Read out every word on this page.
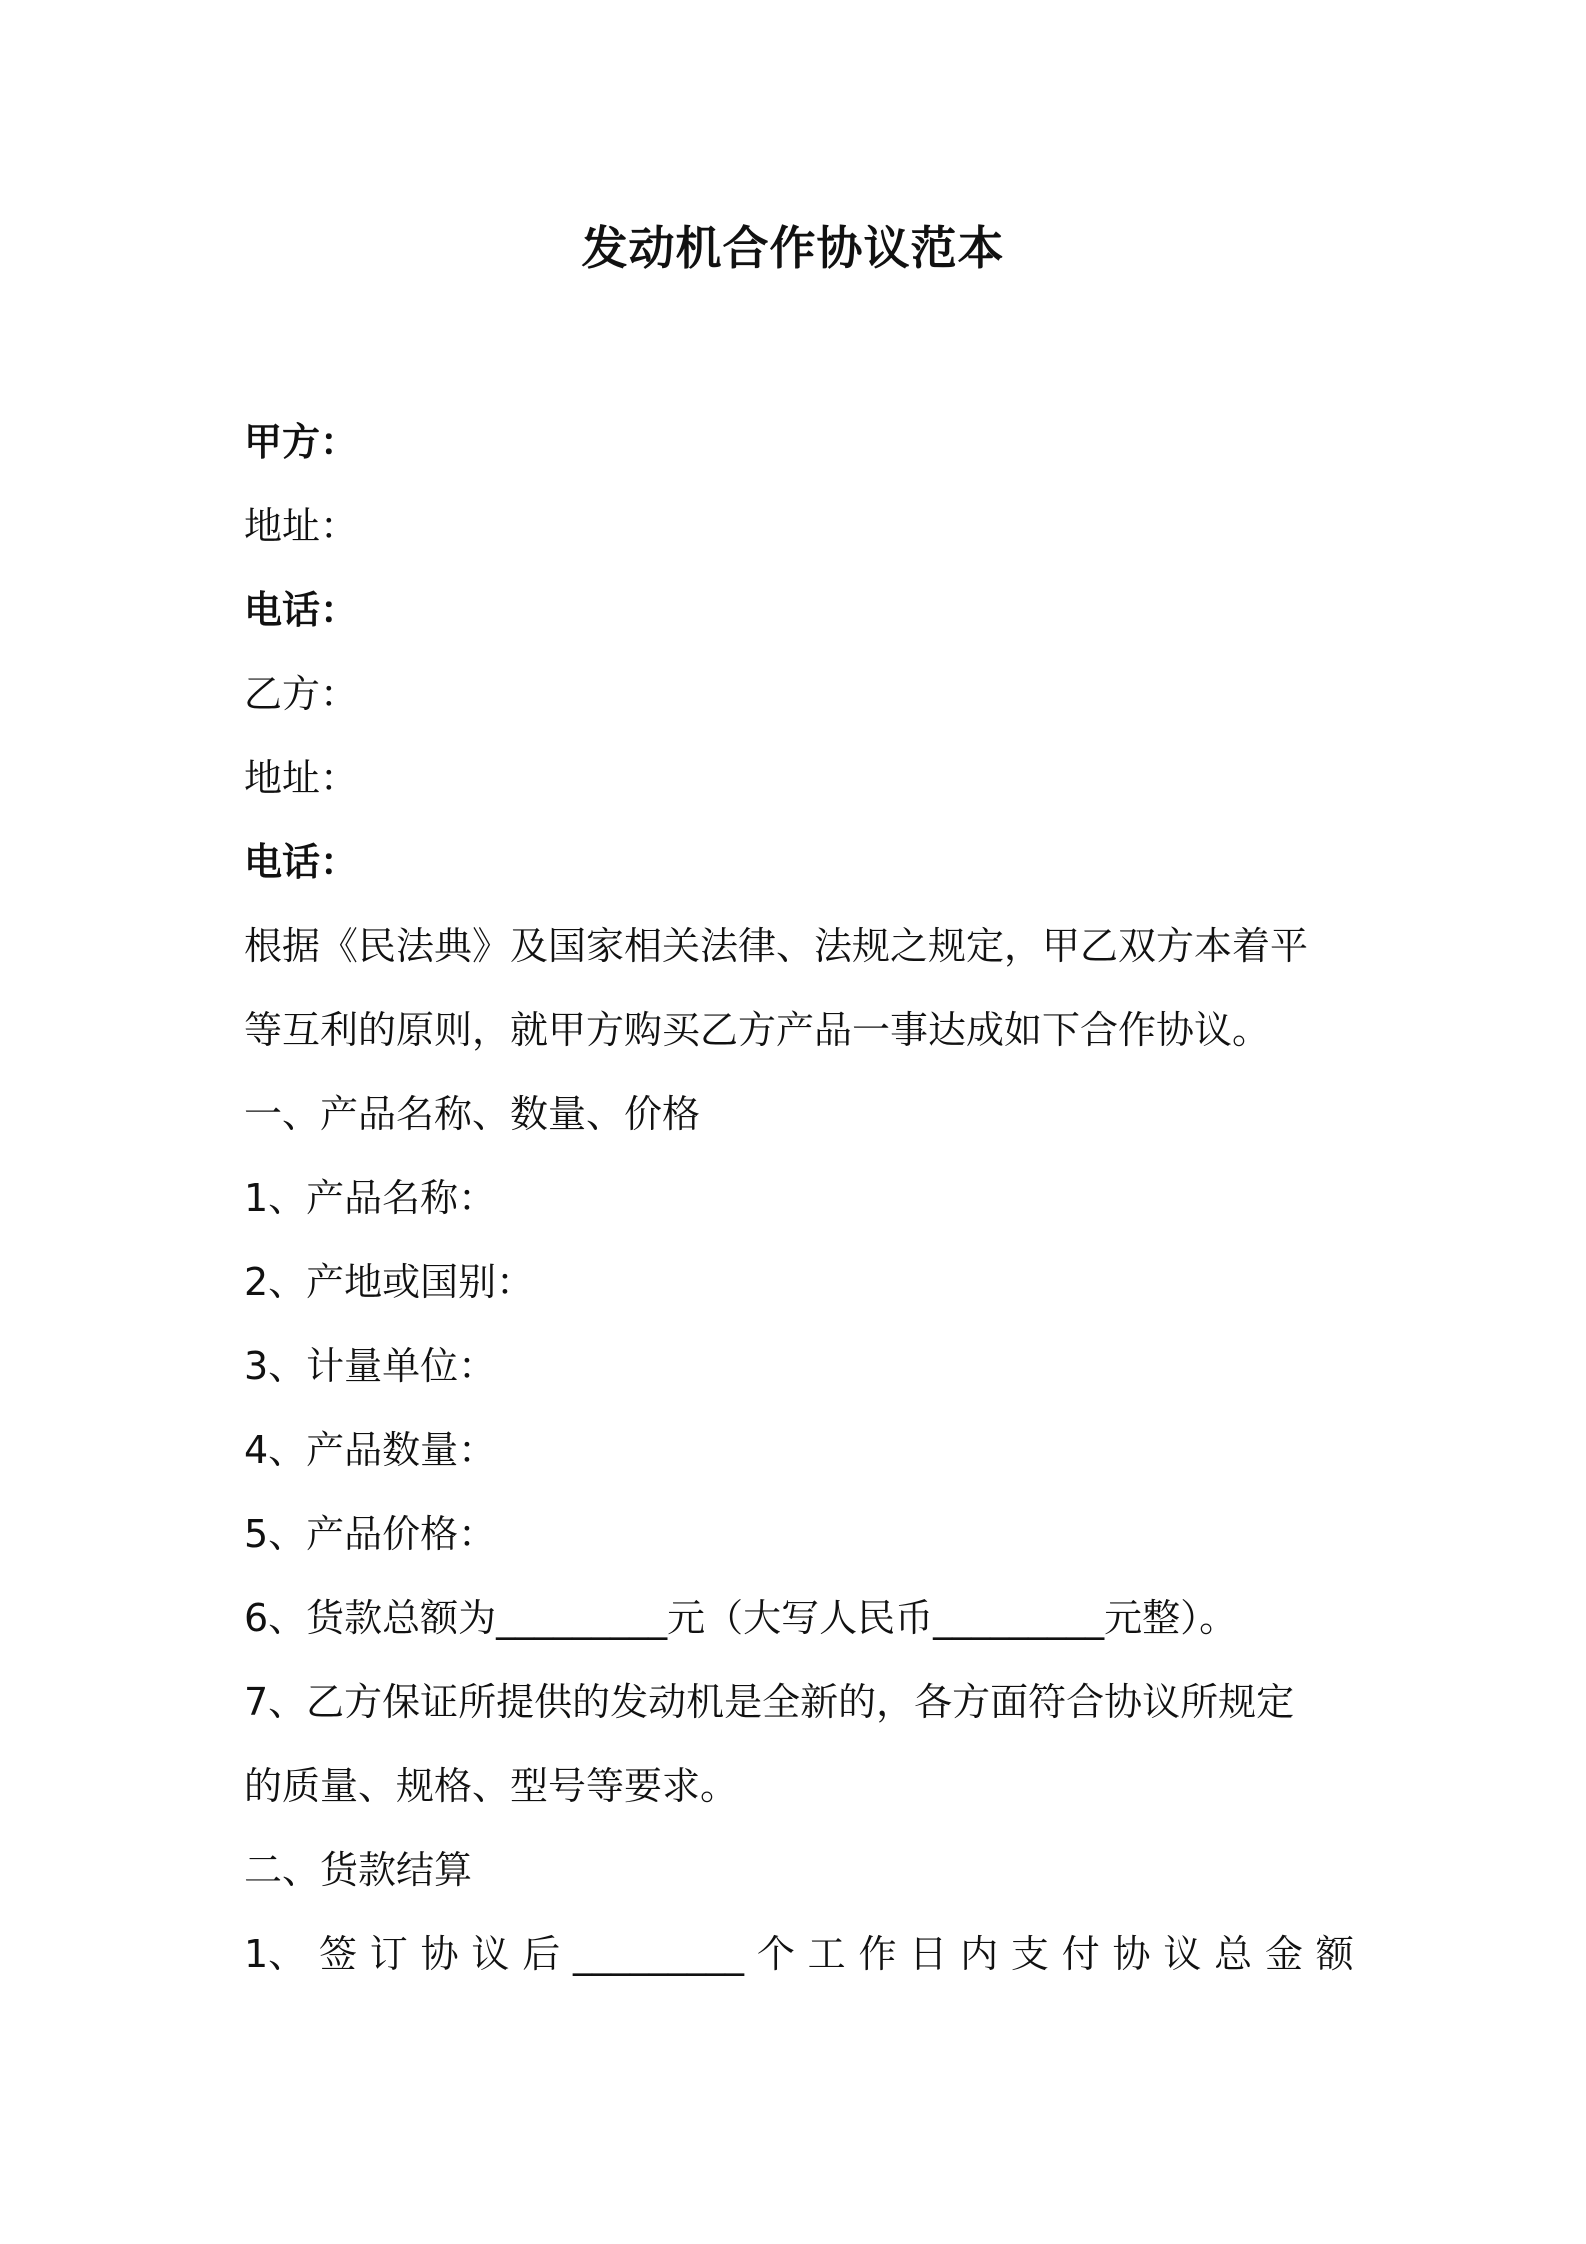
发动机合作协议范本
甲方：
地址：
电话：
乙方：
地址：
电话：
根据《民法典》及国家相关法律、法规之规定，甲乙双方本着平
等互利的原则，就甲方购买乙方产品一事达成如下合作协议。
一、产品名称、数量、价格
1、产品名称：
2、产地或国别：
3、计量单位：
4、产品数量：
5、产品价格：
6、货款总额为_________元（大写人民币_________元整）。
7、乙方保证所提供的发动机是全新的，各方面符合协议所规定
的质量、规格、型号等要求。
二、货款结算
1、 签 订 协 议 后 _________ 个 工 作 日 内 支 付 协 议 总 金 额
